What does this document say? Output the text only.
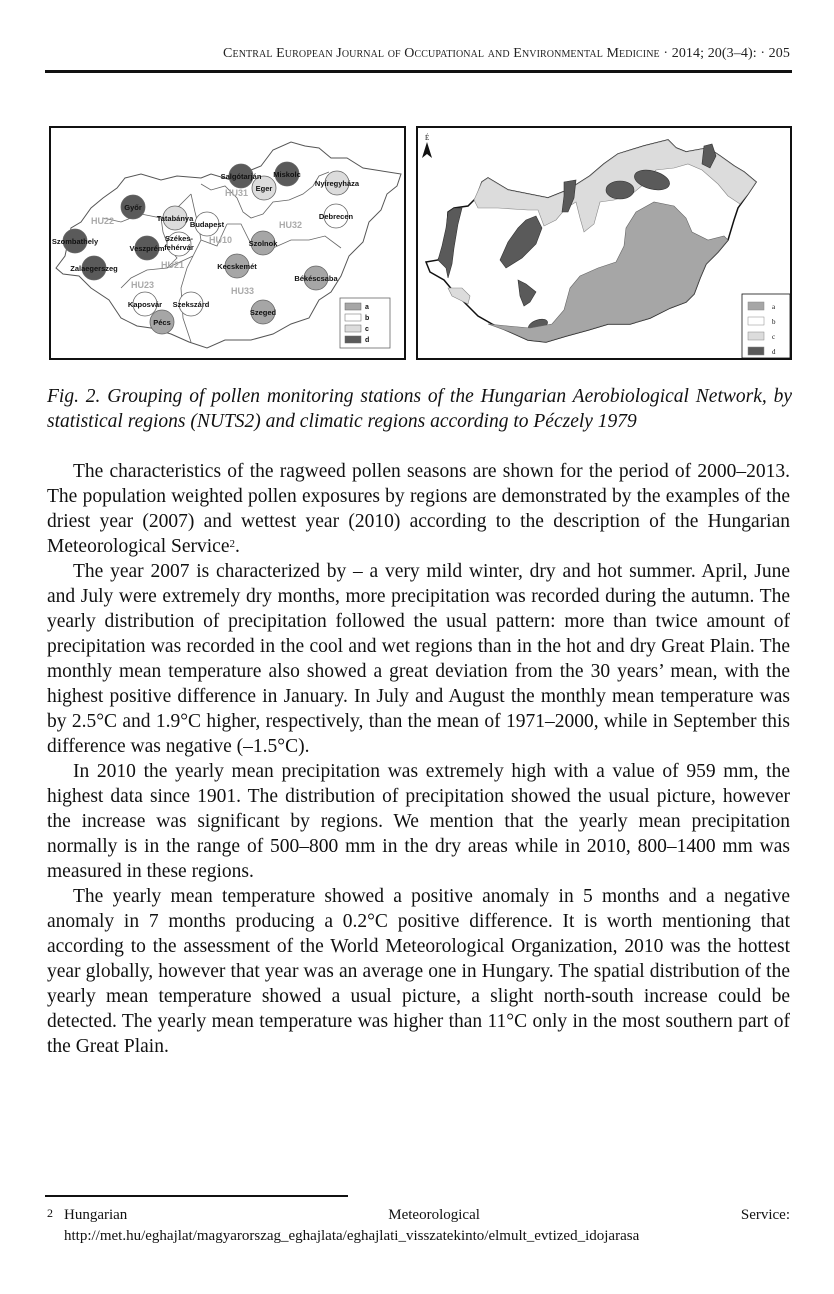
Central European Journal of Occupational and Environmental Medicine · 2014; 20(3–4): · 205
HU22
HU31
HU32
HU10
HU21
HU23
HU33
Salgótarján Miskolc
Eger
Nyíregyháza
Debrecen
Győr
Tatabánya
Budapest
Szombathely
Veszprém
Székes-
fehérvár	Szolnok
Zalaegerszeg	Kecskemét
Békéscsaba
Kaposvár Szekszárd
Pécs
Szeged
a
b
c
d
É
a
b
c
d
Fig. 2. Grouping of pollen monitoring stations of the Hungarian Aerobiological Network, by statistical regions (NUTS2) and climatic regions according to Péczely 1979

The characteristics of the ragweed pollen seasons are shown for the period of 2000–2013. The population weighted pollen exposures by regions are demonstrated by the examples of the driest year (2007) and wettest year (2010) according to the description of the Hungarian Meteorological Service$^2$.

The year 2007 is characterized by – a very mild winter, dry and hot summer. April, June and July were extremely dry months, more precipitation was recorded during the autumn. The yearly distribution of precipitation followed the usual pattern: more than twice amount of precipitation was recorded in the cool and wet regions than in the hot and dry Great Plain. The monthly mean temperature also showed a great deviation from the 30 years’ mean, with the highest positive difference in January. In July and August the monthly mean temperature was by 2.5°C and 1.9°C higher, respectively, than the mean of 1971–2000, while in September this difference was negative (–1.5°C).

In 2010 the yearly mean precipitation was extremely high with a value of 959 mm, the highest data since 1901. The distribution of precipitation showed the usual picture, however the increase was significant by regions. We mention that the yearly mean precipitation normally is in the range of 500–800 mm in the dry areas while in 2010, 800–1400 mm was measured in these regions.

The yearly mean temperature showed a positive anomaly in 5 months and a negative anomaly in 7 months producing a 0.2°C positive difference. It is worth mentioning that according to the assessment of the World Meteorological Organization, 2010 was the hottest year globally, however that year was an average one in Hungary. The spatial distribution of the yearly mean temperature showed a usual picture, a slight north-south increase could be detected. The yearly mean temperature was higher than 11°C only in the most southern part of the Great Plain.

2 Hungarian Meteorological Service: http://met.hu/eghajlat/magyarorszag_eghajlata/eghajlati_visszatekinto/elmult_evtized_idojarasa
